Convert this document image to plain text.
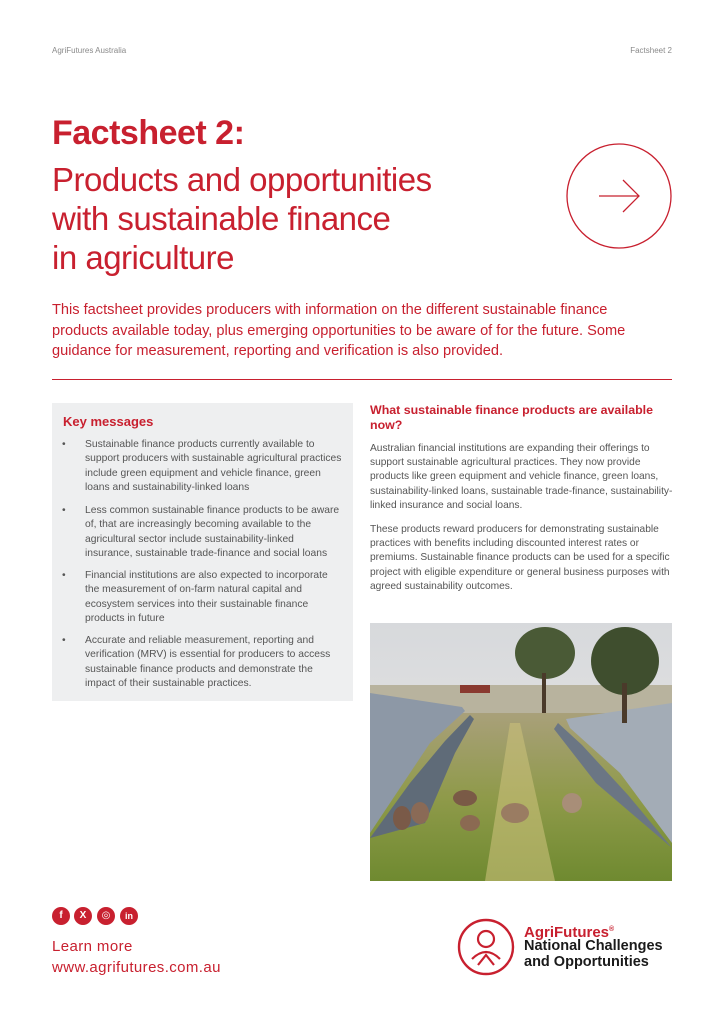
AgriFutures Australia	Factsheet 2
Factsheet 2:
Products and opportunities
with sustainable finance
in agriculture
This factsheet provides producers with information on the different sustainable finance products available today, plus emerging opportunities to be aware of for the future. Some guidance for measurement, reporting and verification is also provided.
Key messages
• Sustainable finance products currently available to support producers with sustainable agricultural practices include green equipment and vehicle finance, green loans and sustainability-linked loans
• Less common sustainable finance products to be aware of, that are increasingly becoming available to the agricultural sector include sustainability-linked insurance, sustainable trade-finance and social loans
• Financial institutions are also expected to incorporate the measurement of on-farm natural capital and ecosystem services into their sustainable finance products in future
• Accurate and reliable measurement, reporting and verification (MRV) is essential for producers to access sustainable finance products and demonstrate the impact of their sustainable practices.
What sustainable finance products are available now?
Australian financial institutions are expanding their offerings to support sustainable agricultural practices. They now provide products like green equipment and vehicle finance, green loans, sustainability-linked loans, sustainable trade-finance, sustainability-linked insurance and social loans.
These products reward producers for demonstrating sustainable practices with benefits including discounted interest rates or premiums. Sustainable finance products can be used for a specific project with eligible expenditure or general business purposes with agreed sustainability outcomes.
f	X	◎	in
Learn more
www.agrifutures.com.au
AgriFutures®
National Challenges
and Opportunities
